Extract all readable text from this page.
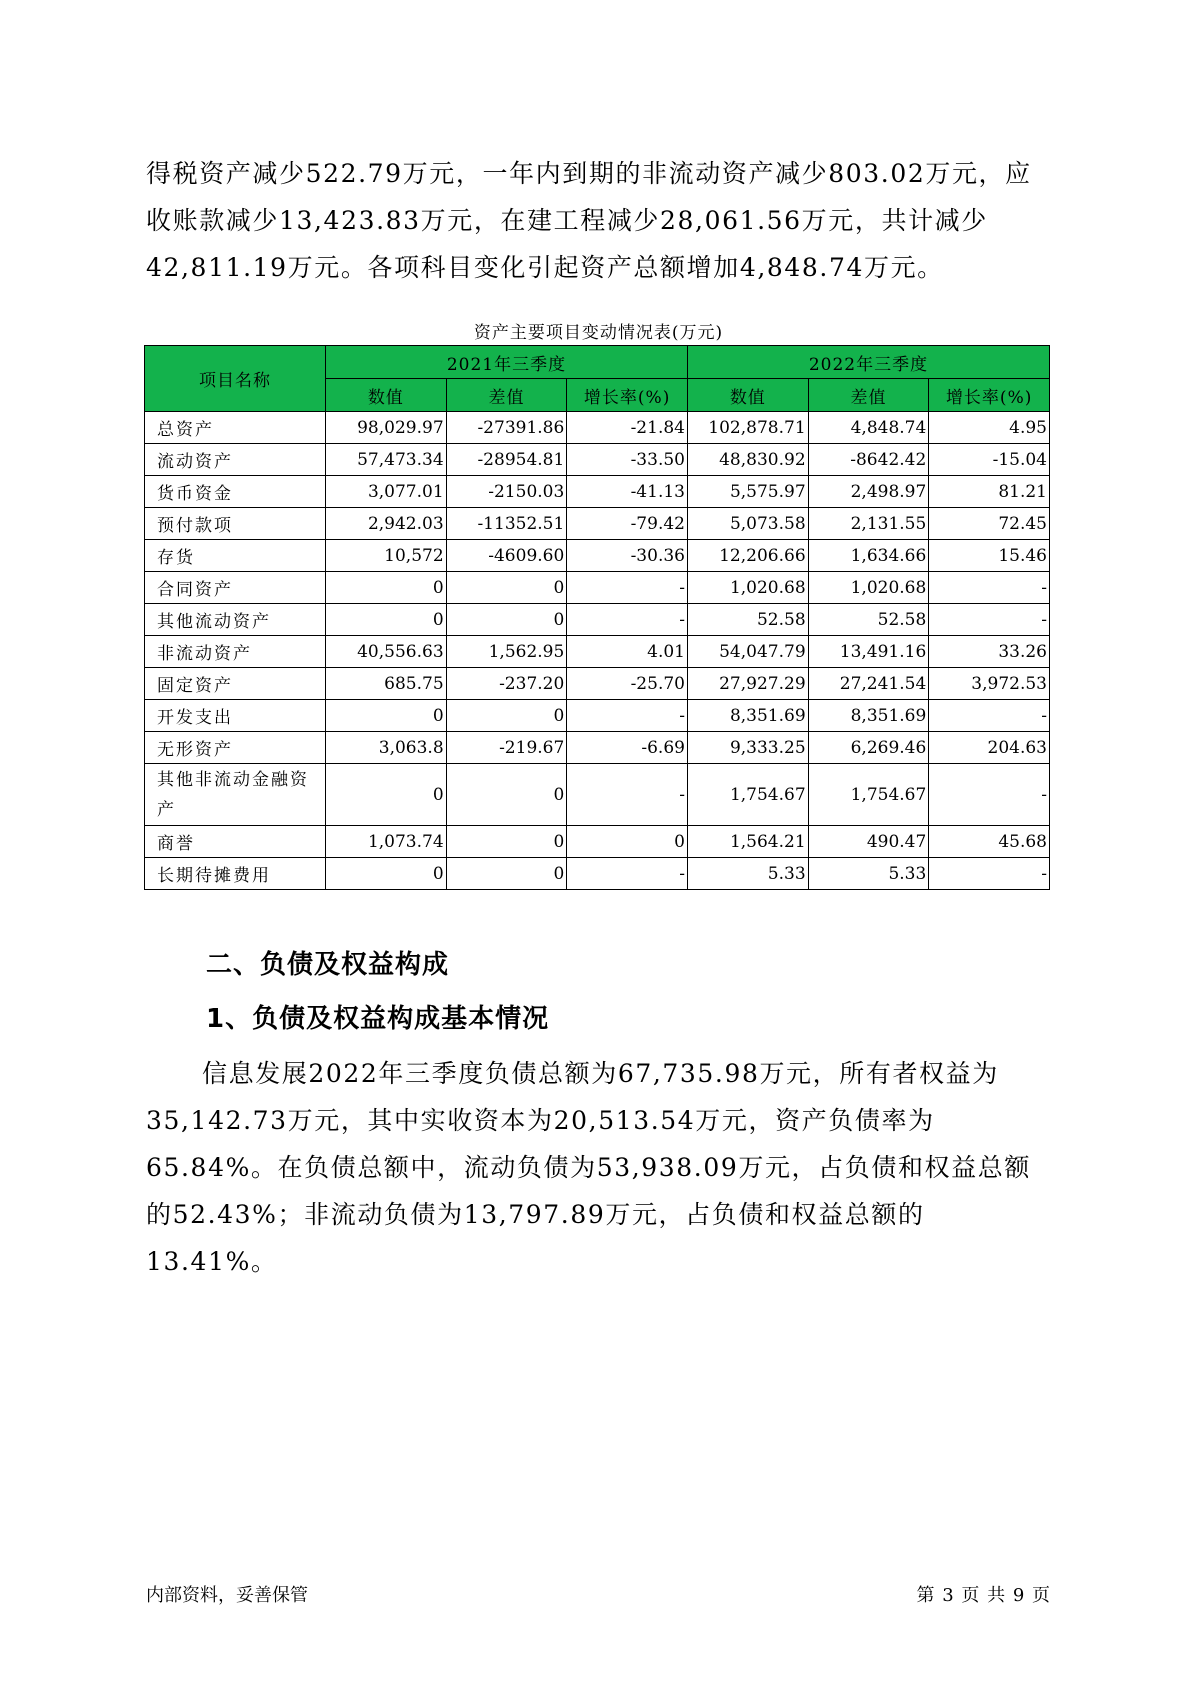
得税资产减少522.79万元，一年内到期的非流动资产减少803.02万元，应收账款减少13,423.83万元，在建工程减少28,061.56万元，共计减少42,811.19万元。各项科目变化引起资产总额增加4,848.74万元。

资产主要项目变动情况表(万元)

项目名称	2021年三季度			2022年三季度		
	数值	差值	增长率(%)	数值	差值	增长率(%)
总资产	98,029.97	-27391.86	-21.84	102,878.71	4,848.74	4.95
流动资产	57,473.34	-28954.81	-33.50	48,830.92	-8642.42	-15.04
货币资金	3,077.01	-2150.03	-41.13	5,575.97	2,498.97	81.21
预付款项	2,942.03	-11352.51	-79.42	5,073.58	2,131.55	72.45
存货	10,572	-4609.60	-30.36	12,206.66	1,634.66	15.46
合同资产	0	0	-	1,020.68	1,020.68	-
其他流动资产	0	0	-	52.58	52.58	-
非流动资产	40,556.63	1,562.95	4.01	54,047.79	13,491.16	33.26
固定资产	685.75	-237.20	-25.70	27,927.29	27,241.54	3,972.53
开发支出	0	0	-	8,351.69	8,351.69	-
无形资产	3,063.8	-219.67	-6.69	9,333.25	6,269.46	204.63
其他非流动金融资产	0	0	-	1,754.67	1,754.67	-
商誉	1,073.74	0	0	1,564.21	490.47	45.68
长期待摊费用	0	0	-	5.33	5.33	-
二、负债及权益构成
1、负债及权益构成基本情况

信息发展2022年三季度负债总额为67,735.98万元，所有者权益为35,142.73万元，其中实收资本为20,513.54万元，资产负债率为65.84%。在负债总额中，流动负债为53,938.09万元，占负债和权益总额的52.43%；非流动负债为13,797.89万元，占负债和权益总额的13.41%。

内部资料，妥善保管	第 3 页 共 9 页
